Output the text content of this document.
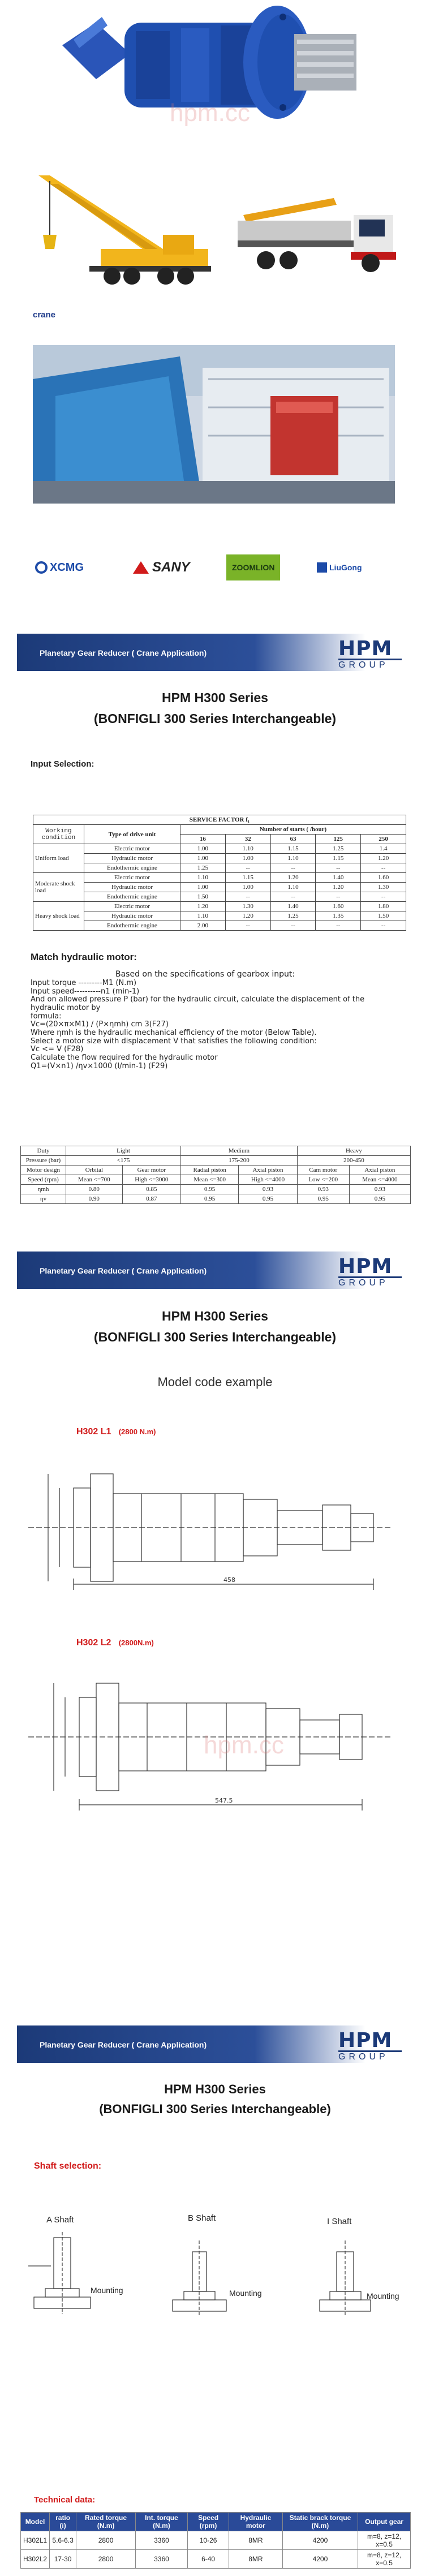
hpm.cc
crane
XCMG	SANY	ZOOMLION	LiuGong
Planetary Gear Reducer ( Crane Application)	HPM
GROUP
HPM H300 Series
(BONFIGLI 300 Series Interchangeable)
Input Selection:
SERVICE FACTOR f₁						
Working condition	Type of drive unit	Number of starts ( /hour)				
		16	32	63	125	250
Uniform load	Electric motor	1.00	1.10	1.15	1.25	1.4
	Hydraulic motor	1.00	1.00	1.10	1.15	1.20
	Endothermic engine	1.25	--	--	--	--
Moderate shock load	Electric motor	1.10	1.15	1.20	1.40	1.60
	Hydraulic motor	1.00	1.00	1.10	1.20	1.30
	Endothermic engine	1.50	--	--	--	--
Heavy shock load	Electric motor	1.20	1.30	1.40	1.60	1.80
	Hydraulic motor	1.10	1.20	1.25	1.35	1.50
	Endothermic engine	2.00	--	--	--	--
Match hydraulic motor:
Based on the specifications of gearbox input:
Input torque ---------M1 (N.m)
Input speed----------n1 (min-1)
And on allowed pressure P (bar) for the hydraulic circuit, calculate the displacement of the
hydraulic motor by
formula:
Vc=(20×π×M1) / (P×ηmh) cm 3(F27)
Where ηmh is the hydraulic mechanical efficiency of the motor (Below Table).
Select a motor size with displacement V that satisfies the following condition:
Vc <= V (F28)
Calculate the flow required for the hydraulic motor
Q1=(V×n1) /ηv×1000 (l/min-1) (F29)
Duty	Light		Medium		Heavy	
Pressure (bar)	<175		175-200		200-450	
Motor design	Orbital	Gear motor	Radial piston	Axial piston	Cam motor	Axial piston
Speed (rpm)	Mean <=700	High <=3000	Mean <=300	High <=4000	Low <=200	Mean <=4000
ηmh	0.80	0.85	0.95	0.93	0.93	0.93
ηv	0.90	0.87	0.95	0.95	0.95	0.95
Planetary Gear Reducer ( Crane Application)	HPM
GROUP
HPM H300 Series
(BONFIGLI 300 Series Interchangeable)
Model code example
H302 L1 (2800 N.m)
458
H302 L2 (2800N.m)
547.5
hpm.cc
Planetary Gear Reducer ( Crane Application)	HPM
GROUP
HPM H300 Series
(BONFIGLI 300 Series Interchangeable)
Shaft selection:
A Shaft	B Shaft	I Shaft
Mounting	Mounting	Mounting
Technical data:
Model	ratio (i)	Rated torque (N.m)	Int. torque (N.m)	Speed (rpm)	Hydraulic motor	Static brack torque (N.m)	Output gear
H302L1	5.6-6.3	2800	3360	10-26	8MR	4200	m=8, z=12, x=0.5
H302L2	17-30	2800	3360	6-40	8MR	4200	m=8, z=12, x=0.5
